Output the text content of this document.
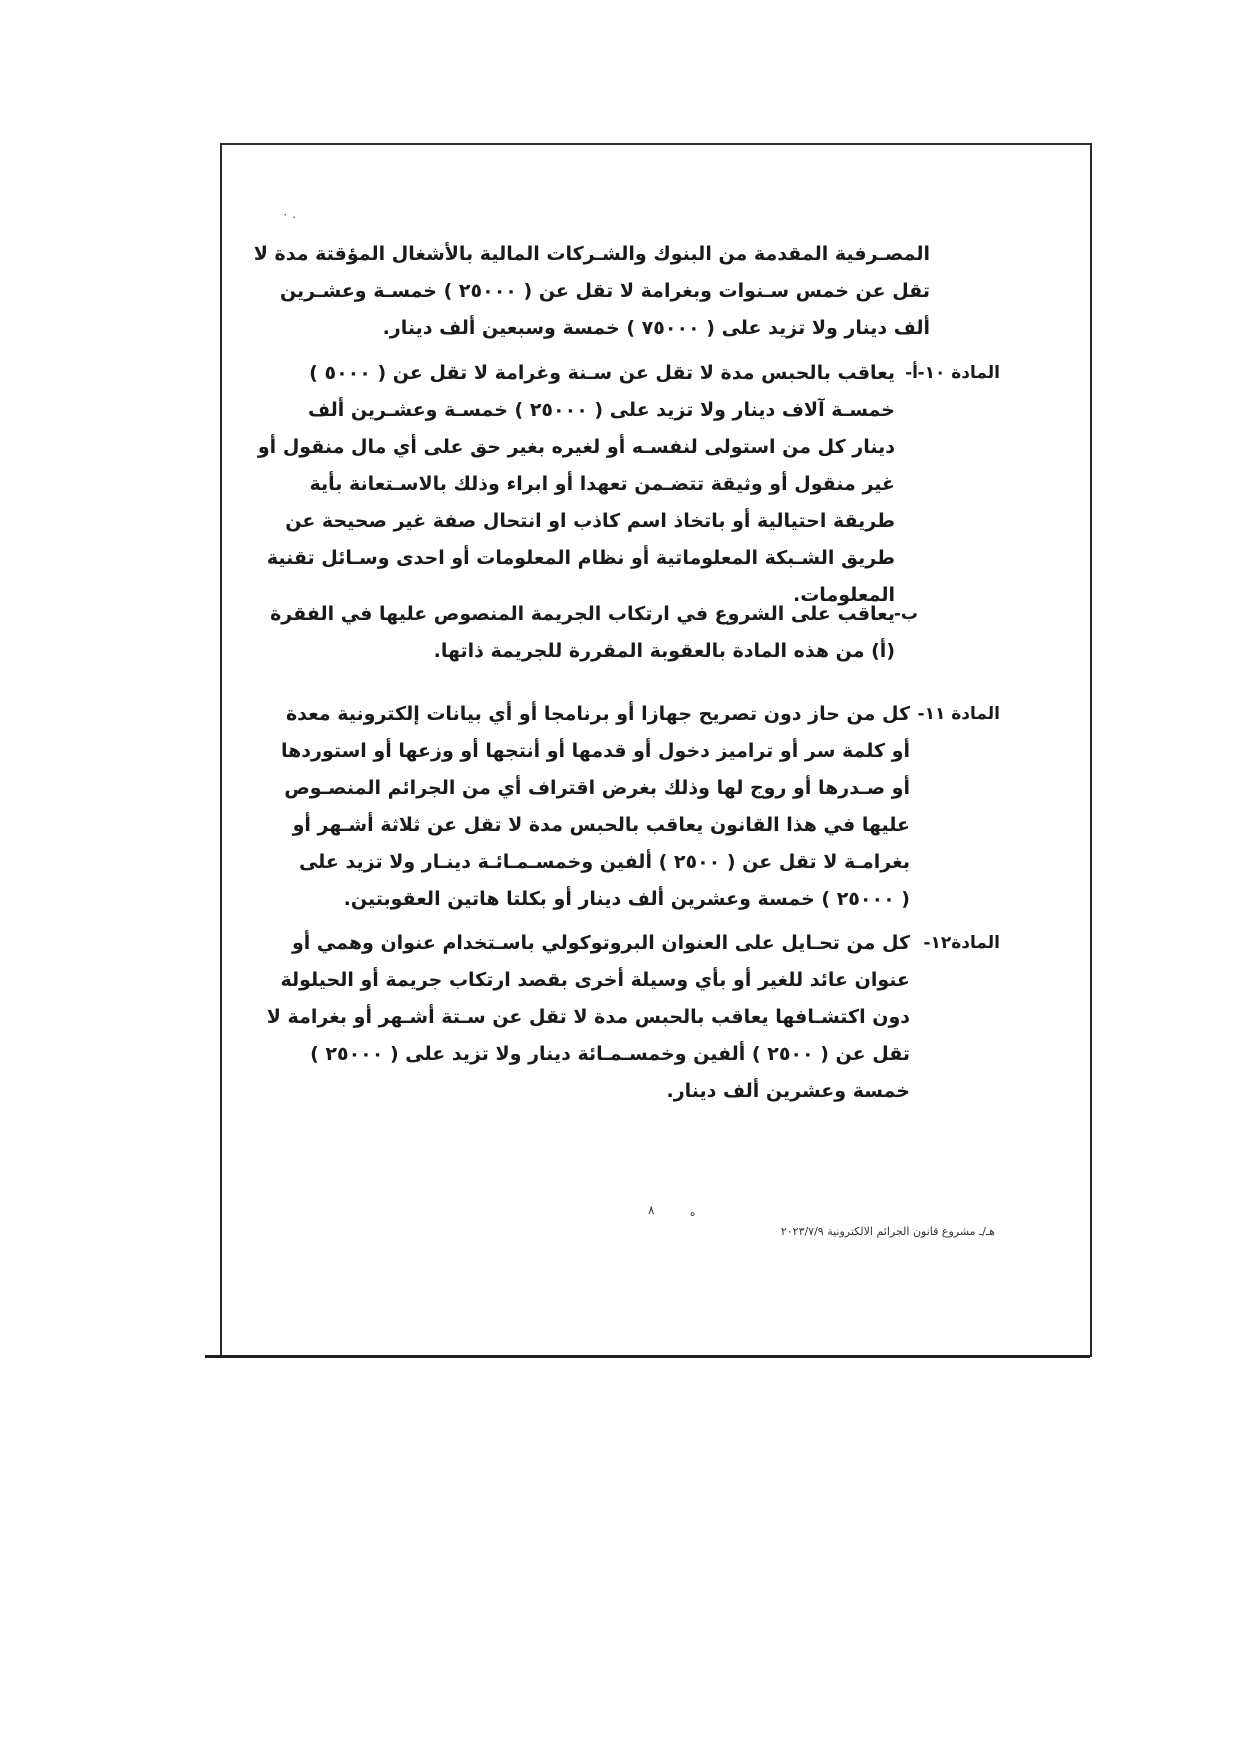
۰ .
المصـرفية المقدمة من البنوك والشـركات المالية بالأشغال المؤقتة مدة لا
تقل عن خمس سـنوات وبغرامة لا تقل عن ( ٢٥٠٠٠ ) خمسـة وعشـرين
ألف دينار ولا تزيد على ( ٧٥٠٠٠ ) خمسة وسبعين ألف دينار.
المادة ١٠-
أ-
يعاقب بالحبس مدة لا تقل عن سـنة وغرامة لا تقل عن ( ٥٠٠٠ )
خمسـة آلاف دينار ولا تزيد على ( ٢٥٠٠٠ ) خمسـة وعشـرين ألف
دينار كل من استولى لنفسـه أو لغيره بغير حق على أي مال منقول أو
غير منقول أو وثيقة تتضـمن تعهدا أو ابراء وذلك بالاسـتعانة بأية
طريقة احتيالية أو باتخاذ اسم كاذب او انتحال صفة غير صحيحة عن
طريق الشـبكة المعلوماتية أو نظام المعلومات أو احدى وسـائل تقنية
المعلومات.
ب-
يعاقب على الشروع في ارتكاب الجريمة المنصوص عليها في الفقرة
(أ) من هذه المادة بالعقوبة المقررة للجريمة ذاتها.
المادة ١١-
كل من حاز دون تصريح جهازا أو برنامجا أو أي بيانات إلكترونية معدة
أو كلمة سر أو تراميز دخول أو قدمها أو أنتجها أو وزعها أو استوردها
أو صـدرها أو روج لها وذلك بغرض اقتراف أي من الجرائم المنصـوص
عليها في هذا القانون يعاقب بالحبس مدة لا تقل عن ثلاثة أشـهر أو
بغرامـة لا تقل عن ( ٢٥٠٠ ) ألفين وخمسـمـائـة دينـار ولا تزيد على
( ٢٥٠٠٠ ) خمسة وعشرين ألف دينار أو بكلتا هاتين العقوبتين.
المادة١٢-
كل من تحـايل على العنوان البروتوكولي باسـتخدام عنوان وهمي أو
عنوان عائد للغير أو بأي وسيلة أخرى بقصد ارتكاب جريمة أو الحيلولة
دون اكتشـافها يعاقب بالحبس مدة لا تقل عن سـتة أشـهر أو بغرامة لا
تقل عن ( ٢٥٠٠ ) ألفين وخمسـمـائة دينار ولا تزيد على ( ٢٥٠٠٠ )
خمسة وعشرين ألف دينار.
٨	ه
هـ/ـ مشروع قانون الجرائم الالكترونية ٢٠٢٣/٧/٩
